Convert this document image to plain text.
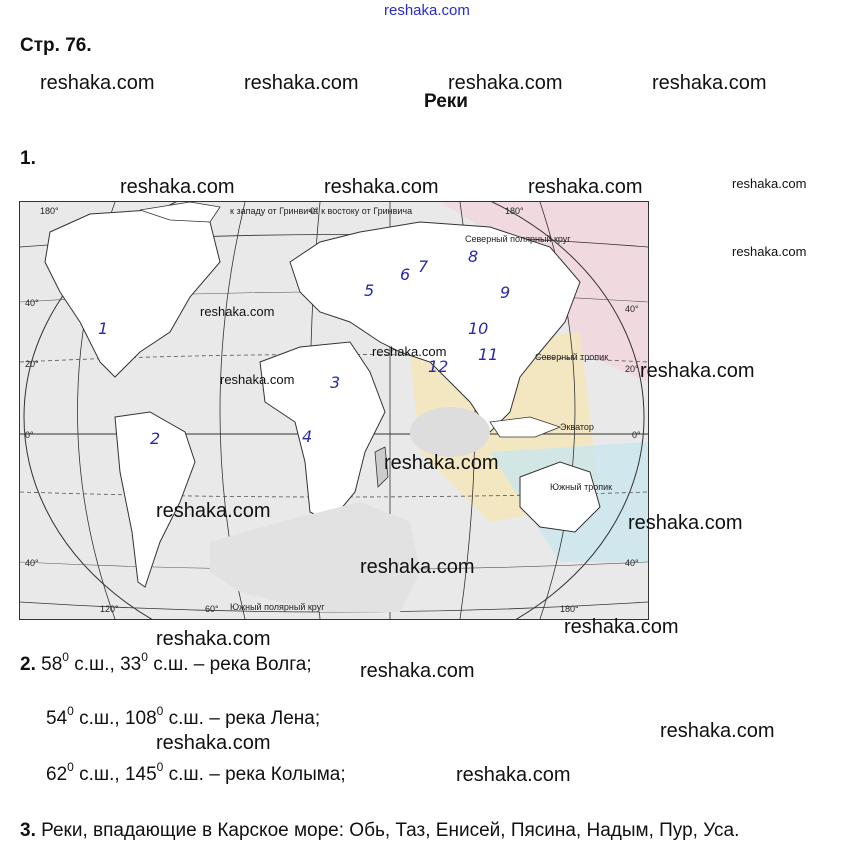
reshaka.com
Стр. 76.
reshaka.com	reshaka.com	reshaka.com	reshaka.com
Реки
1.
reshaka.com	reshaka.com	reshaka.com	reshaka.com
reshaka.com
к западу от Гринвича
0° к востоку от Гринвича
Северный полярный круг
Северный тропик
Экватор
Южный тропик
Южный полярный круг
180°	180°
120°	60°	180°
40°
40°
0°	0°
40°	40°
20°	20°
1
2
3
4
5
6 7
8
9
10
11
12
reshaka.com
reshaka.com
reshaka.com	reshaka.com
reshaka.com
reshaka.com
reshaka.com
reshaka.com
reshaka.com
reshaka.com
2. $58^0$ с.ш., $33^0$ с.ш. – река Волга; reshaka.com
$54^0$ с.ш., $108^0$ с.ш. – река Лена;
reshaka.com
reshaka.com
$62^0$ с.ш., $145^0$ с.ш. – река Колыма;	reshaka.com
3. Реки, впадающие в Карское море: Обь, Таз, Енисей, Пясина, Надым, Пур, Уса.
